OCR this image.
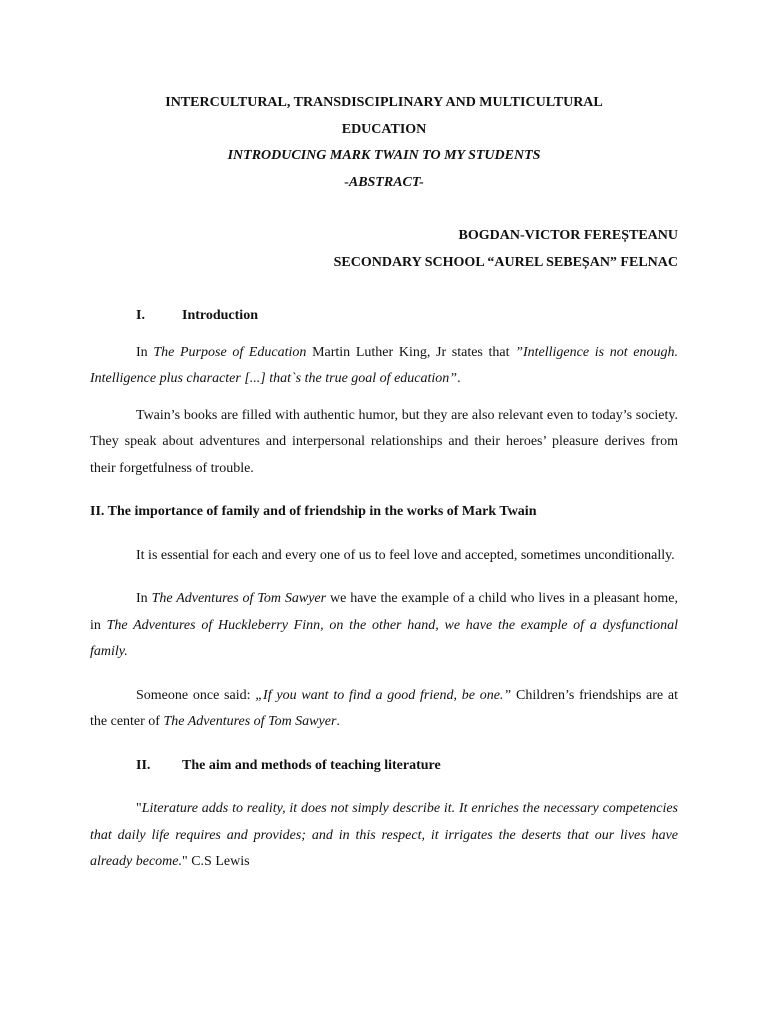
INTERCULTURAL, TRANSDISCIPLINARY AND MULTICULTURAL

EDUCATION

INTRODUCING MARK TWAIN TO MY STUDENTS

-ABSTRACT-

BOGDAN-VICTOR FEREȘTEANU

SECONDARY SCHOOL “AUREL SEBEȘAN” FELNAC

I.	Introduction

In The Purpose of Education Martin Luther King, Jr states that ”Intelligence is not enough. Intelligence plus character [...] that`s the true goal of education”.

Twain’s books are filled with authentic humor, but they are also relevant even to today’s society. They speak about adventures and interpersonal relationships and their heroes’ pleasure derives from their forgetfulness of trouble.

II. The importance of family and of friendship in the works of Mark Twain

It is essential for each and every one of us to feel love and accepted, sometimes unconditionally.

In The Adventures of Tom Sawyer we have the example of a child who lives in a pleasant home, in The Adventures of Huckleberry Finn, on the other hand, we have the example of a dysfunctional family.

Someone once said: „If you want to find a good friend, be one.” Children’s friendships are at the center of The Adventures of Tom Sawyer.

II. The aim and methods of teaching literature

"Literature adds to reality, it does not simply describe it. It enriches the necessary competencies that daily life requires and provides; and in this respect, it irrigates the deserts that our lives have already become." C.S Lewis
